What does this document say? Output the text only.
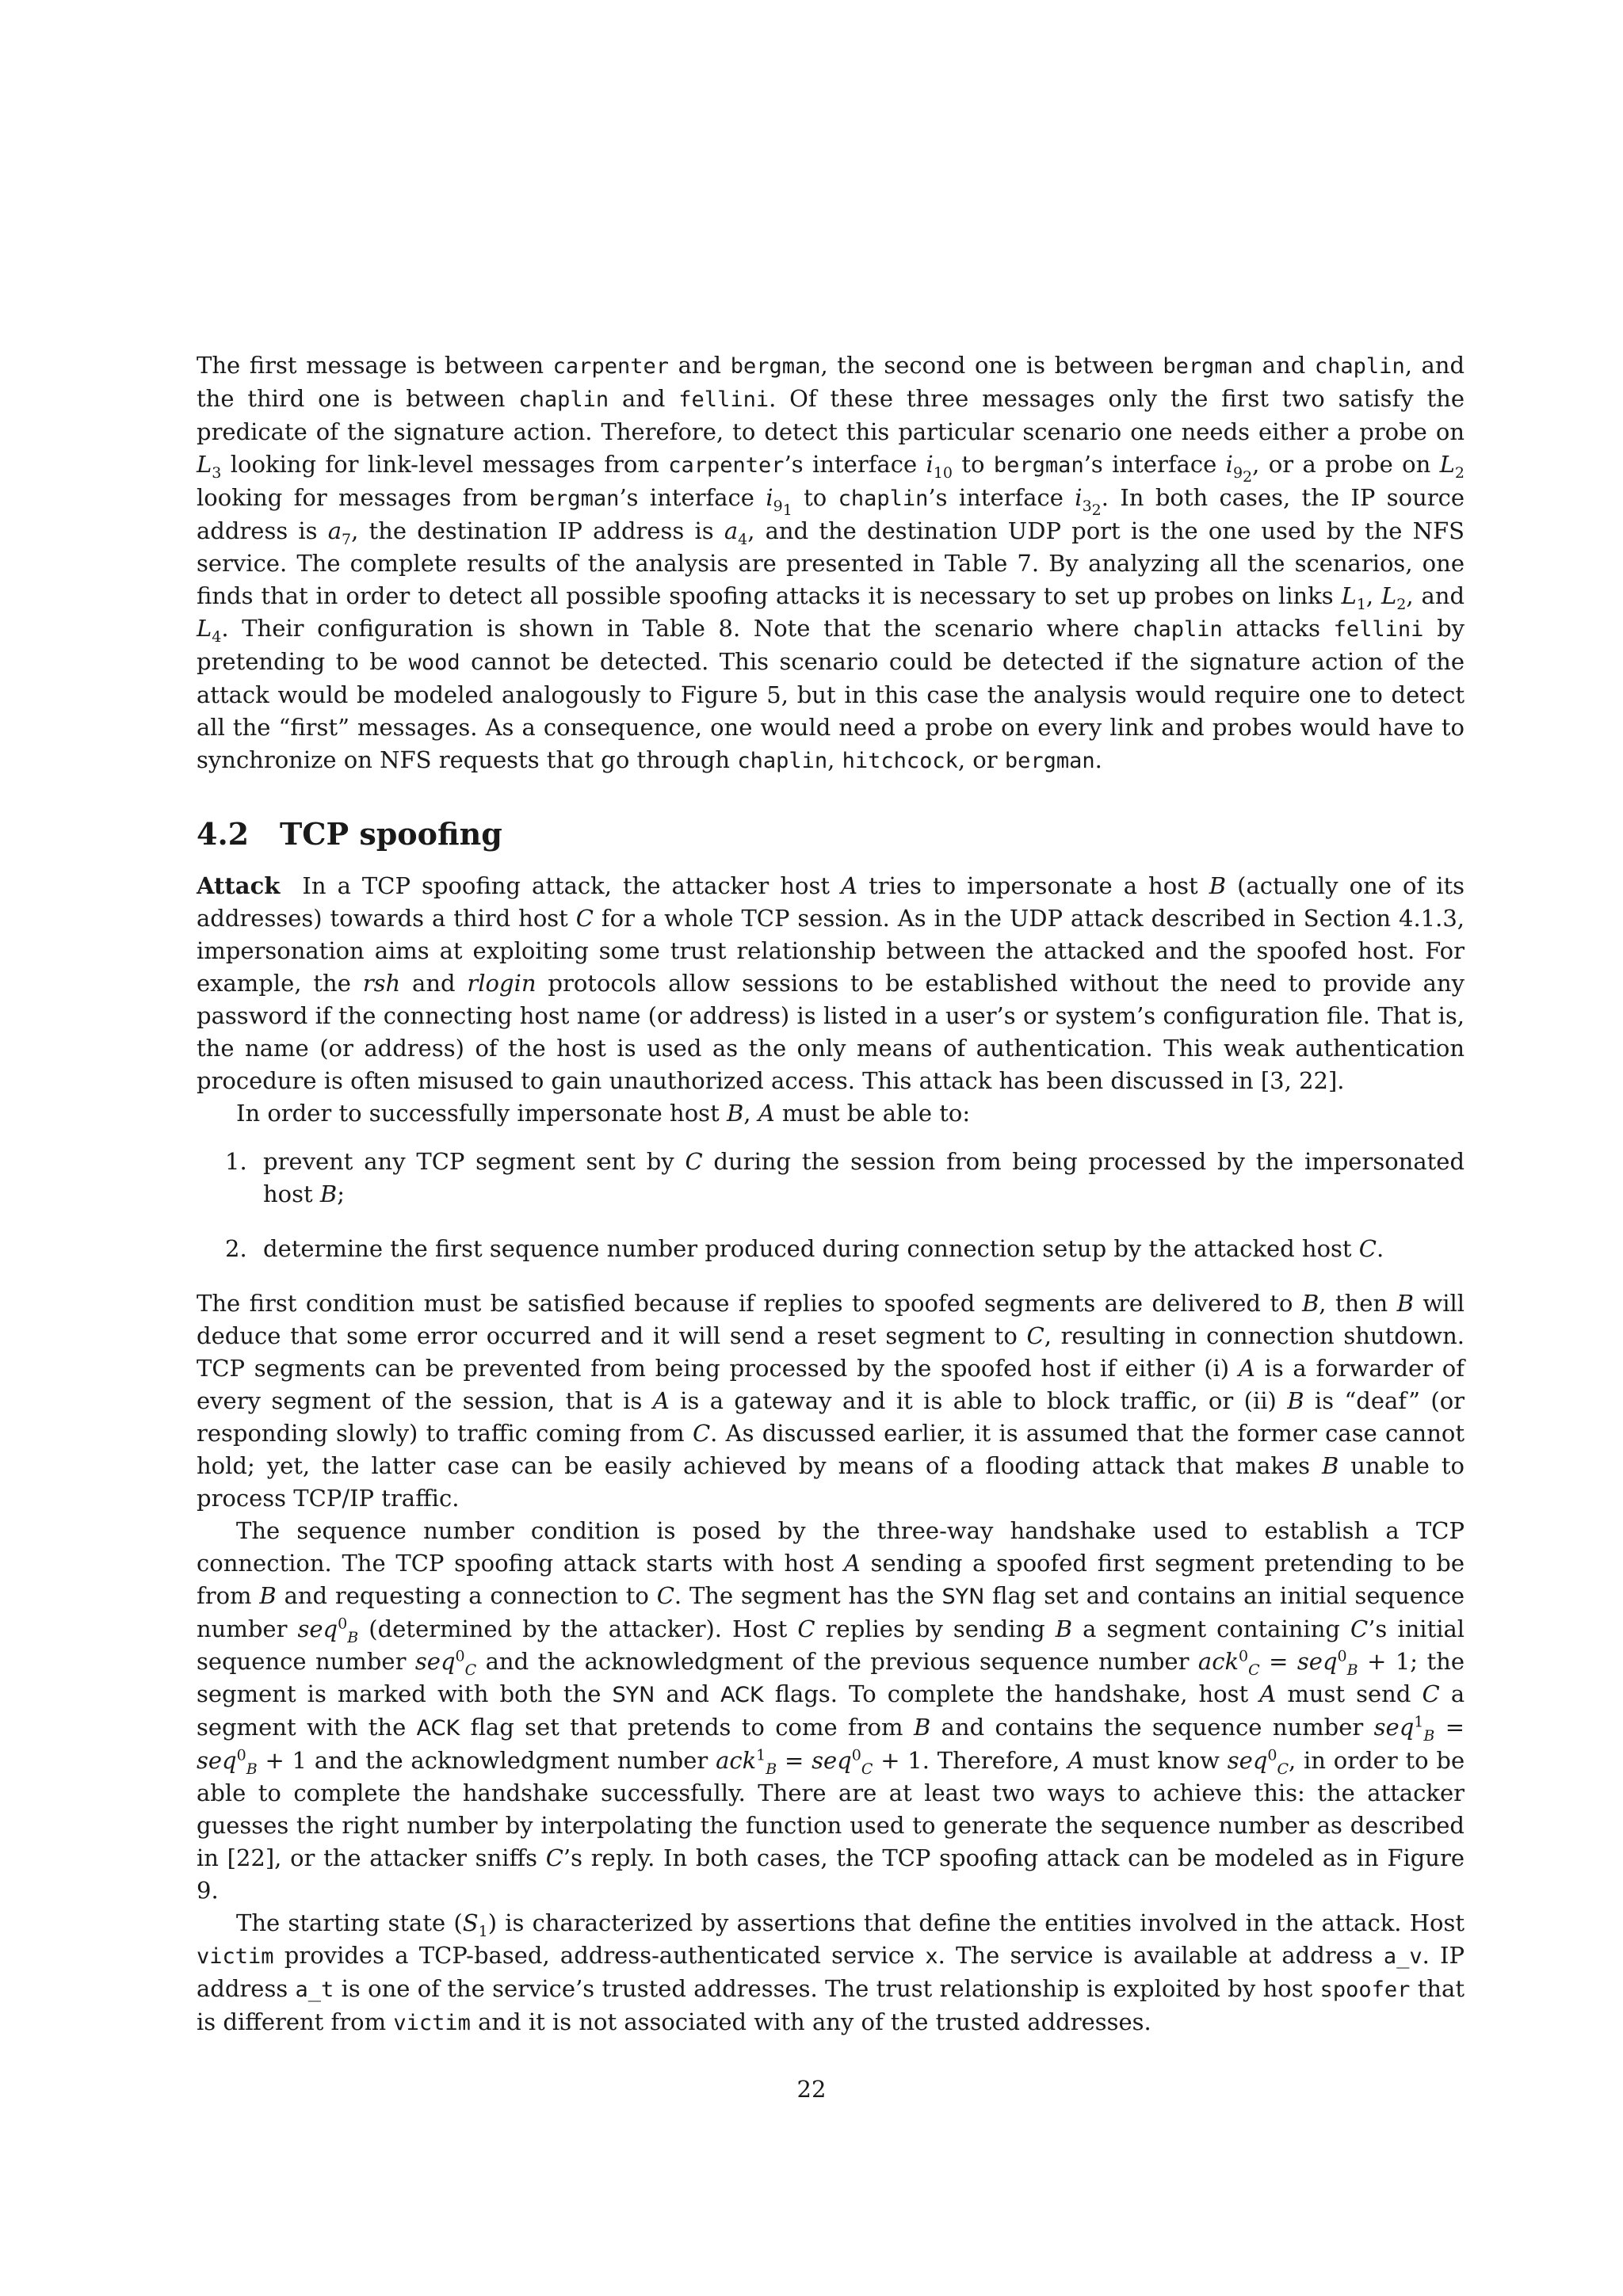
The first message is between carpenter and bergman, the second one is between bergman and chaplin, and the third one is between chaplin and fellini. Of these three messages only the first two satisfy the predicate of the signature action. Therefore, to detect this particular scenario one needs either a probe on $L_3$ looking for link-level messages from carpenter’s interface $i_{10}$ to bergman’s interface $i_{9_2}$, or a probe on $L_2$ looking for messages from bergman’s interface $i_{9_1}$ to chaplin’s interface $i_{3_2}$. In both cases, the IP source address is $a_7$, the destination IP address is $a_4$, and the destination UDP port is the one used by the NFS service. The complete results of the analysis are presented in Table 7. By analyzing all the scenarios, one finds that in order to detect all possible spoofing attacks it is necessary to set up probes on links $L_1$, $L_2$, and $L_4$. Their configuration is shown in Table 8. Note that the scenario where chaplin attacks fellini by pretending to be wood cannot be detected. This scenario could be detected if the signature action of the attack would be modeled analogously to Figure 5, but in this case the analysis would require one to detect all the “first” messages. As a consequence, one would need a probe on every link and probes would have to synchronize on NFS requests that go through chaplin, hitchcock, or bergman.

4.2 TCP spoofing

Attack In a TCP spoofing attack, the attacker host A tries to impersonate a host B (actually one of its addresses) towards a third host C for a whole TCP session. As in the UDP attack described in Section 4.1.3, impersonation aims at exploiting some trust relationship between the attacked and the spoofed host. For example, the rsh and rlogin protocols allow sessions to be established without the need to provide any password if the connecting host name (or address) is listed in a user’s or system’s configuration file. That is, the name (or address) of the host is used as the only means of authentication. This weak authentication procedure is often misused to gain unauthorized access. This attack has been discussed in [3, 22].

In order to successfully impersonate host B, A must be able to:

1. prevent any TCP segment sent by C during the session from being processed by the impersonated host B;
2. determine the first sequence number produced during connection setup by the attacked host C.

The first condition must be satisfied because if replies to spoofed segments are delivered to B, then B will deduce that some error occurred and it will send a reset segment to C, resulting in connection shutdown. TCP segments can be prevented from being processed by the spoofed host if either (i) A is a forwarder of every segment of the session, that is A is a gateway and it is able to block traffic, or (ii) B is “deaf” (or responding slowly) to traffic coming from C. As discussed earlier, it is assumed that the former case cannot hold; yet, the latter case can be easily achieved by means of a flooding attack that makes B unable to process TCP/IP traffic.

The sequence number condition is posed by the three-way handshake used to establish a TCP connection. The TCP spoofing attack starts with host A sending a spoofed first segment pretending to be from B and requesting a connection to C. The segment has the SYN flag set and contains an initial sequence number seq$^0_B$ (determined by the attacker). Host C replies by sending B a segment containing C’s initial sequence number seq$^0_C$ and the acknowledgment of the previous sequence number ack$^0_C$ = seq$^0_B$ + 1; the segment is marked with both the SYN and ACK flags. To complete the handshake, host A must send C a segment with the ACK flag set that pretends to come from B and contains the sequence number seq$^1_B$ = seq$^0_B$ + 1 and the acknowledgment number ack$^1_B$ = seq$^0_C$ + 1. Therefore, A must know seq$^0_C$, in order to be able to complete the handshake successfully. There are at least two ways to achieve this: the attacker guesses the right number by interpolating the function used to generate the sequence number as described in [22], or the attacker sniffs C’s reply. In both cases, the TCP spoofing attack can be modeled as in Figure 9.

The starting state $(S_1)$ is characterized by assertions that define the entities involved in the attack. Host victim provides a TCP-based, address-authenticated service x. The service is available at address a_v. IP address a_t is one of the service’s trusted addresses. The trust relationship is exploited by host spoofer that is different from victim and it is not associated with any of the trusted addresses.

22
